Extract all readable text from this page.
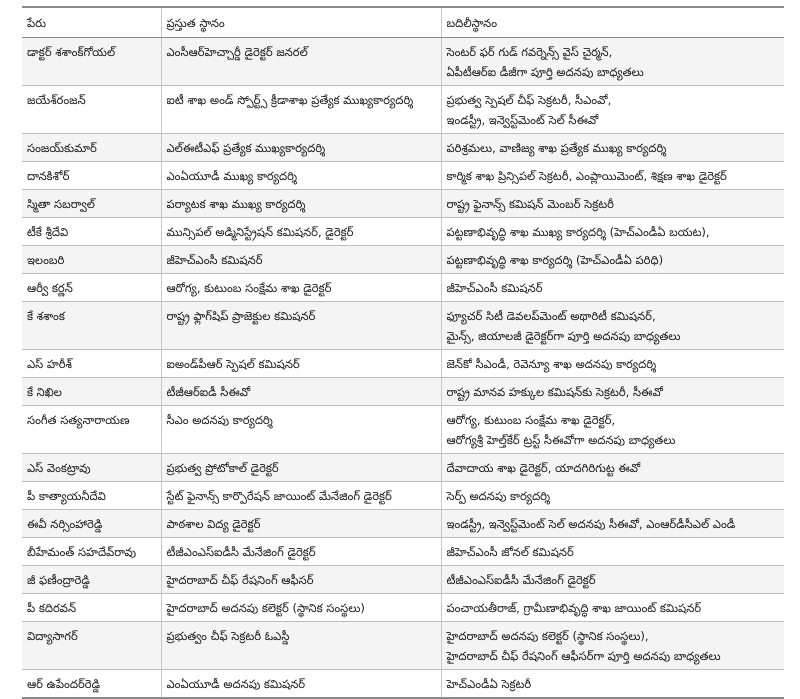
పేరు	ప్రస్తుత స్థానం	బదిలీస్థానం
డాక్టర్ శశాంక్‌గోయల్	ఎంసీఆర్‌హెచ్చార్డీ డైరెక్టర్ జనరల్	సెంటర్ ఫర్ గుడ్ గవర్నెన్స్ వైస్ చైర్మన్,
ఏపీటీఆర్ఐ డీజీగా పూర్తి అదనపు బాధ్యతలు

జయేశ్‌రంజన్	ఐటీ శాఖ అండ్ స్పోర్ట్స్ క్రీడాశాఖ ప్రత్యేక ముఖ్యకార్యదర్శి	ప్రభుత్వ స్పెషల్ చీఫ్ సెక్రటరీ, సీఎంవో,
ఇండస్ట్రీ, ఇన్వెస్ట్‌మెంట్ సెల్ సీఈవో

సంజయ్‌కుమార్	ఎల్ఈటీఎఫ్ ప్రత్యేక ముఖ్యకార్యదర్శి	పరిశ్రమలు, వాణిజ్య శాఖ ప్రత్యేక ముఖ్య కార్యదర్శి

దానకిశోర్	ఎంఏయూడీ ముఖ్య కార్యదర్శి	కార్మిక శాఖ ప్రిన్సిపల్ సెక్రటరీ, ఎంప్లాయిమెంట్, శిక్షణ శాఖ డైరెక్టర్

స్మితా సబర్వాల్	పర్యాటక శాఖ ముఖ్య కార్యదర్శి	రాష్ట్ర ఫైనాన్స్ కమిషన్ మెంబర్ సెక్రటరీ

టీకే శ్రీదేవి	మున్సిపల్ అడ్మినిస్ట్రేషన్ కమిషనర్, డైరెక్టర్	పట్టణాభివృద్ధి శాఖ ముఖ్య కార్యదర్శి (హెచ్ఎండీఏ బయట),

ఇలంబరి	జీహెచ్ఎంసీ కమిషనర్	పట్టణాభివృద్ధి శాఖ కార్యదర్శి (హెచ్ఎండీఏ పరిధి)

ఆర్వీ కర్ణన్	ఆరోగ్య, కుటుంబ సంక్షేమ శాఖ డైరెక్టర్	జీహెచ్ఎంసీ కమిషనర్

కే శశాంక	రాష్ట్ర ఫ్లాగ్‌షిప్ ప్రాజెక్టుల కమిషనర్	ఫ్యూచర్ సిటీ డెవలప్‌మెంట్ అథారిటీ కమిషనర్,
మైన్స్, జియాలజీ డైరెక్టర్‌గా పూర్తి అదనపు బాధ్యతలు

ఎస్ హరీశ్	ఐఅండ్‌పీఆర్ స్పెషల్ కమిషనర్	జెన్‌కో సీఎండీ, రెవెన్యూ శాఖ అదనపు కార్యదర్శి

కే నిఖిల	టీజీఆర్ఐడీ సీఈవో	రాష్ట్ర మానవ హక్కుల కమిషన్‌కు సెక్రటరీ, సీఈవో

సంగీత సత్యనారాయణ	సీఎం అదనపు కార్యదర్శి	ఆరోగ్య, కుటుంబ సంక్షేమ శాఖ డైరెక్టర్,
ఆరోగ్యశ్రీ హెల్త్‌కేర్ ట్రస్ట్ సీఈవోగా అదనపు బాధ్యతలు

ఎస్ వెంకట్రావు	ప్రభుత్వ ప్రోటోకాల్ డైరెక్టర్	దేవాదాయ శాఖ డైరెక్టర్, యాదగిరిగుట్ట ఈవో

పీ కాత్యాయనీదేవి	స్టేట్ ఫైనాన్స్ కార్పొరేషన్ జాయింట్ మేనేజింగ్ డైరెక్టర్	సెర్ప్ అదనపు కార్యదర్శి

ఈవీ నర్సింహారెడ్డి	పాఠశాల విద్య డైరెక్టర్	ఇండస్ట్రీ, ఇన్వెస్ట్‌మెంట్ సెల్ అదనపు సీఈవో, ఎంఆర్‌డీసీఎల్ ఎండీ

బీహేమంత్ సహదేవ్‌రావు	టీజీఎంఎస్ఐడీసీ మేనేజింగ్ డైరెక్టర్	జీహెచ్ఎంసీ జోనల్ కమిషనర్

జీ ఫణీంద్రారెడ్డి	హైదరాబాద్ చీఫ్ రేషనింగ్ ఆఫీసర్	టీజీఎంఎస్ఐడీసీ మేనేజింగ్ డైరెక్టర్

పీ కదిరవన్	హైదరాబాద్ అదనపు కలెక్టర్ (స్థానిక సంస్థలు)	పంచాయతీరాజ్, గ్రామీణాభివృద్ధి శాఖ జాయింట్ కమిషనర్

విద్యాసాగర్	ప్రభుత్వం చీఫ్ సెక్రటరీ ఓఎస్డీ	హైదరాబాద్ అదనపు కలెక్టర్ (స్థానిక సంస్థలు),
హైదరాబాద్ చీఫ్ రేషనింగ్ ఆఫీసర్‌గా పూర్తి అదనపు బాధ్యతలు

ఆర్ ఉపేందర్‌రెడ్డి	ఎంఏయూడీ అదనపు కమిషనర్	హెచ్ఎండీఏ సెక్రటరీ
